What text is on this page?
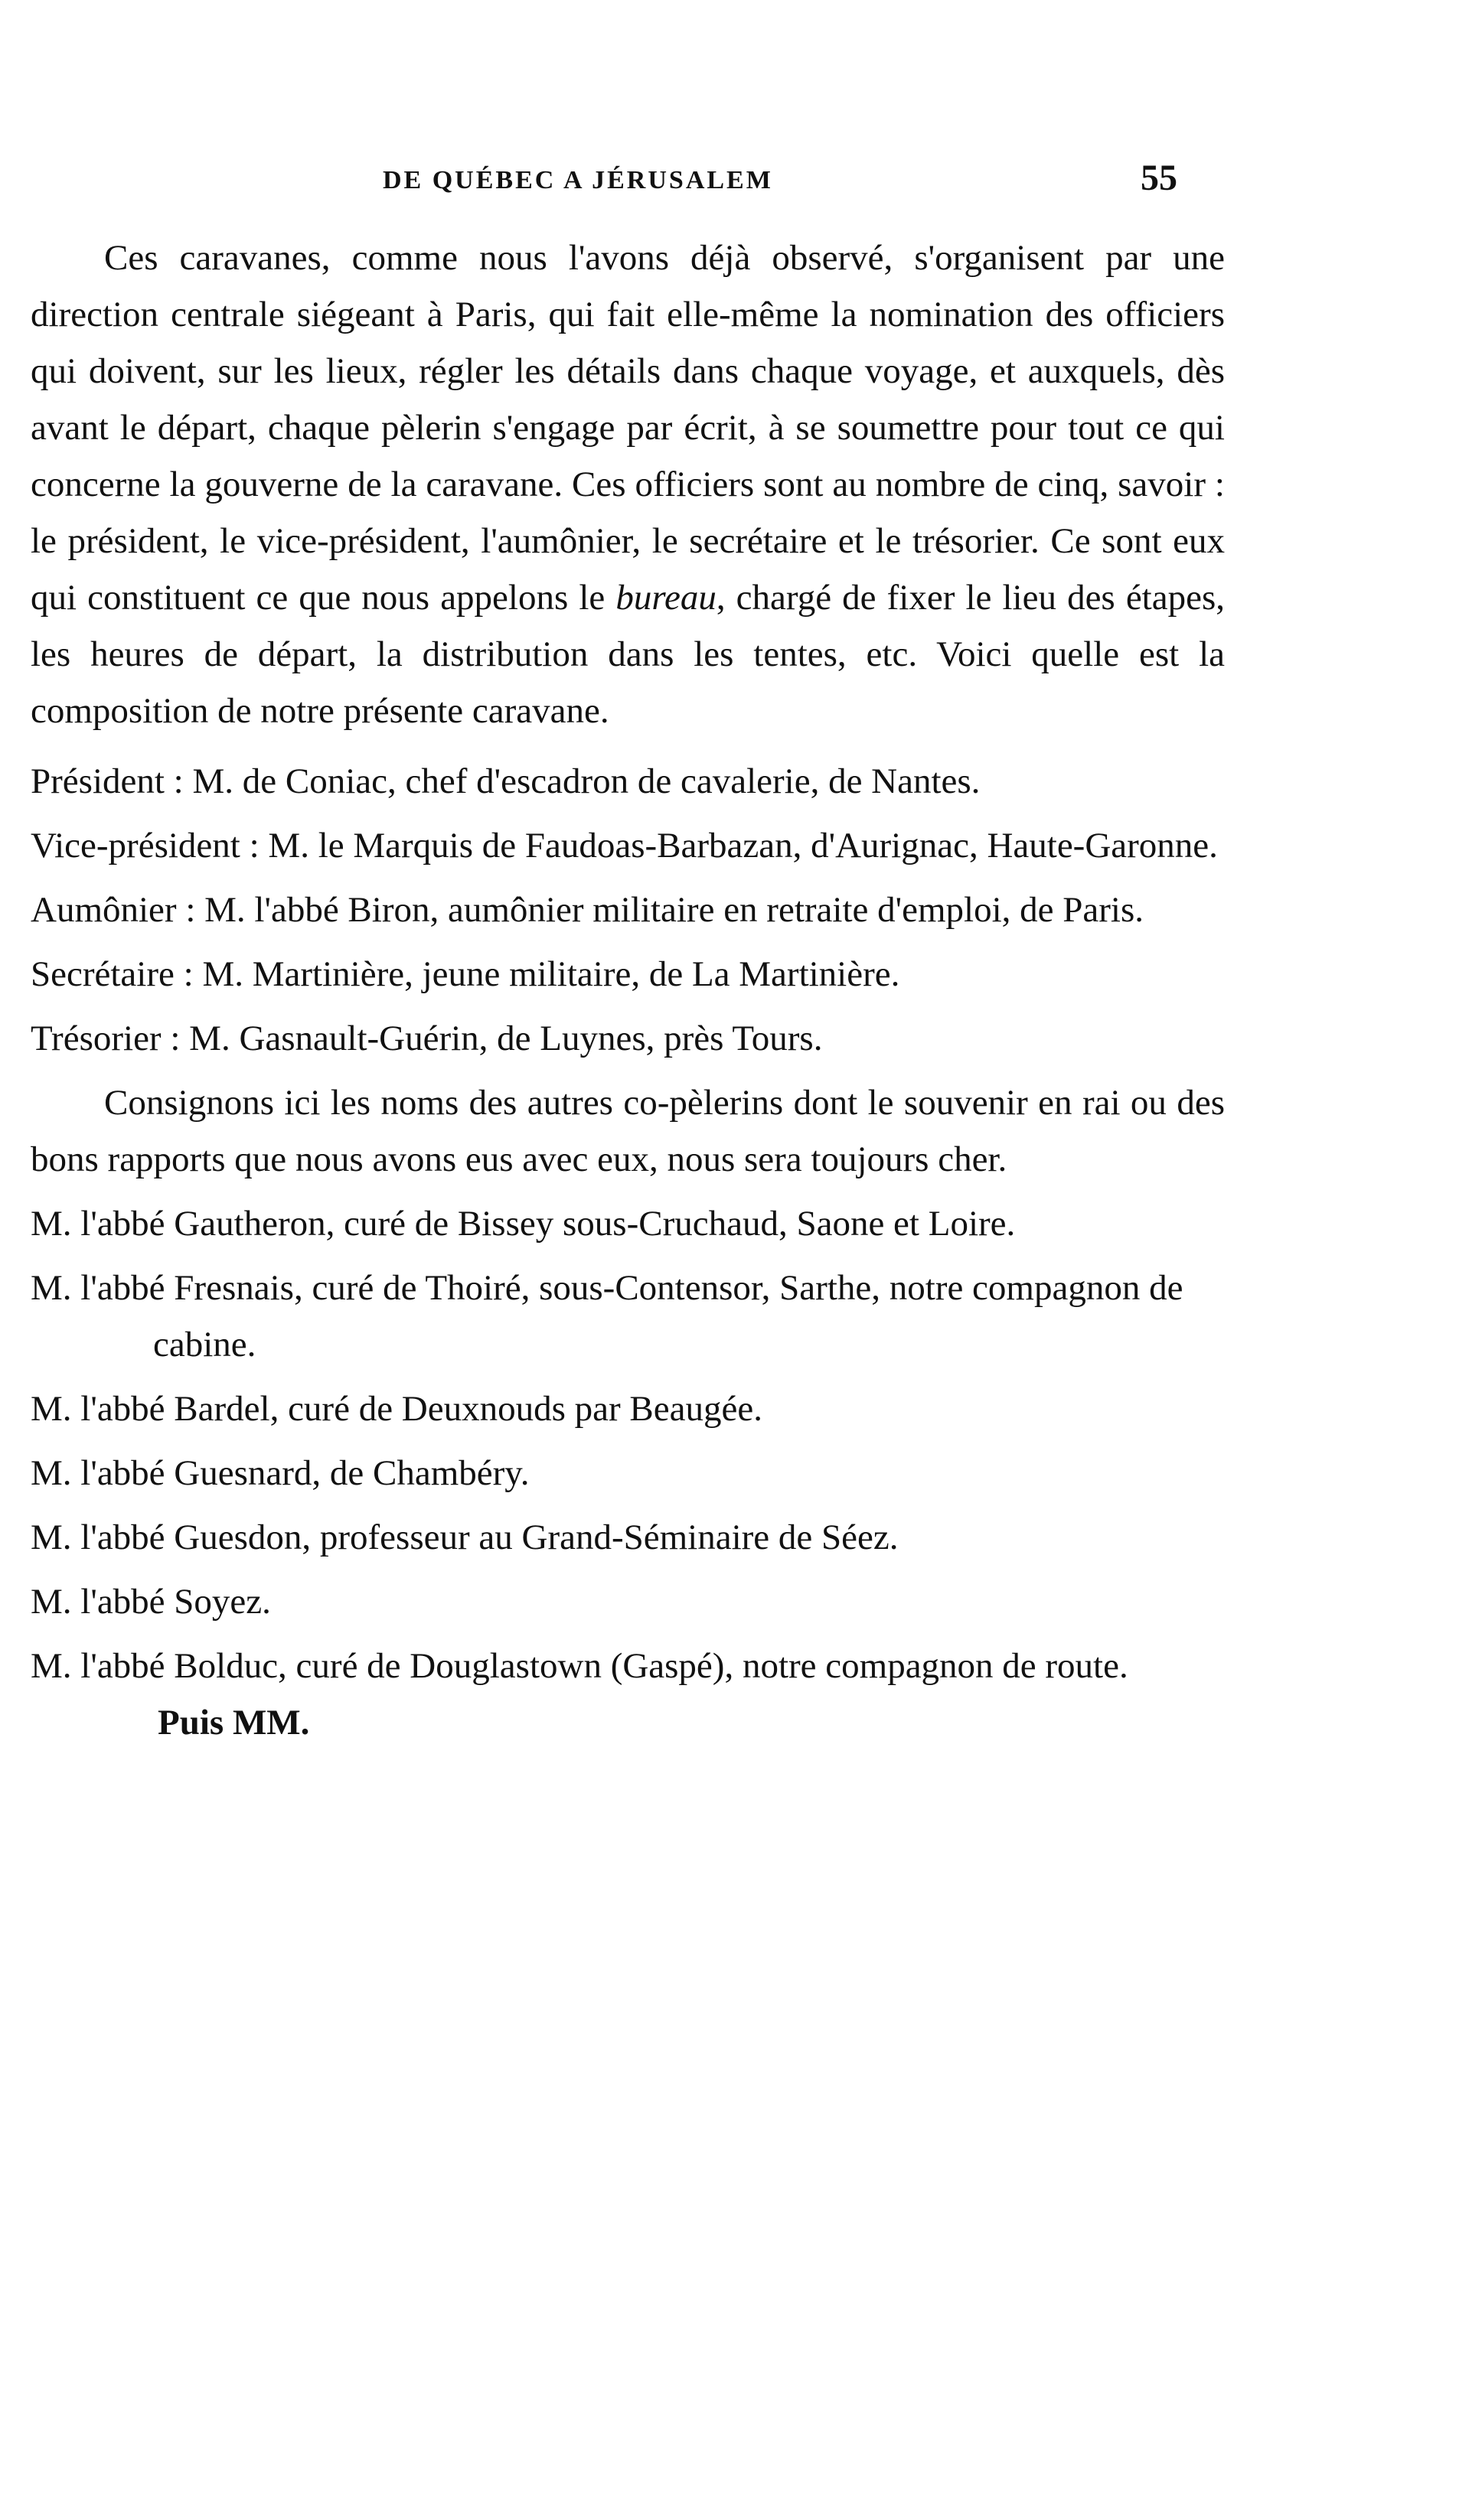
DE QUÉBEC A JÉRUSALEM	55

Ces caravanes, comme nous l'avons déjà observé, s'organisent par une direction centrale siégeant à Paris, qui fait elle-même la nomination des officiers qui doivent, sur les lieux, régler les détails dans chaque voyage, et auxquels, dès avant le départ, chaque pèlerin s'engage par écrit, à se soumettre pour tout ce qui concerne la gouverne de la caravane. Ces officiers sont au nombre de cinq, savoir : le président, le vice-président, l'aumônier, le secrétaire et le trésorier. Ce sont eux qui constituent ce que nous appelons le bureau, chargé de fixer le lieu des étapes, les heures de départ, la distribution dans les tentes, etc. Voici quelle est la composition de notre présente caravane.

Président : M. de Coniac, chef d'escadron de cavalerie, de Nantes.

Vice-président : M. le Marquis de Faudoas-Barbazan, d'Aurignac, Haute-Garonne.

Aumônier : M. l'abbé Biron, aumônier militaire en retraite d'emploi, de Paris.

Secrétaire : M. Martinière, jeune militaire, de La Martinière.

Trésorier : M. Gasnault-Guérin, de Luynes, près Tours.

Consignons ici les noms des autres co-pèlerins dont le souvenir en rai ou des bons rapports que nous avons eus avec eux, nous sera toujours cher.

M. l'abbé Gautheron, curé de Bissey sous-Cruchaud, Saone et Loire.

M. l'abbé Fresnais, curé de Thoiré, sous-Contensor, Sarthe, notre compagnon de cabine.

M. l'abbé Bardel, curé de Deuxnouds par Beaugée.

M. l'abbé Guesnard, de Chambéry.

M. l'abbé Guesdon, professeur au Grand-Séminaire de Séez.

M. l'abbé Soyez.

M. l'abbé Bolduc, curé de Douglastown (Gaspé), notre compagnon de route.

Puis MM.
